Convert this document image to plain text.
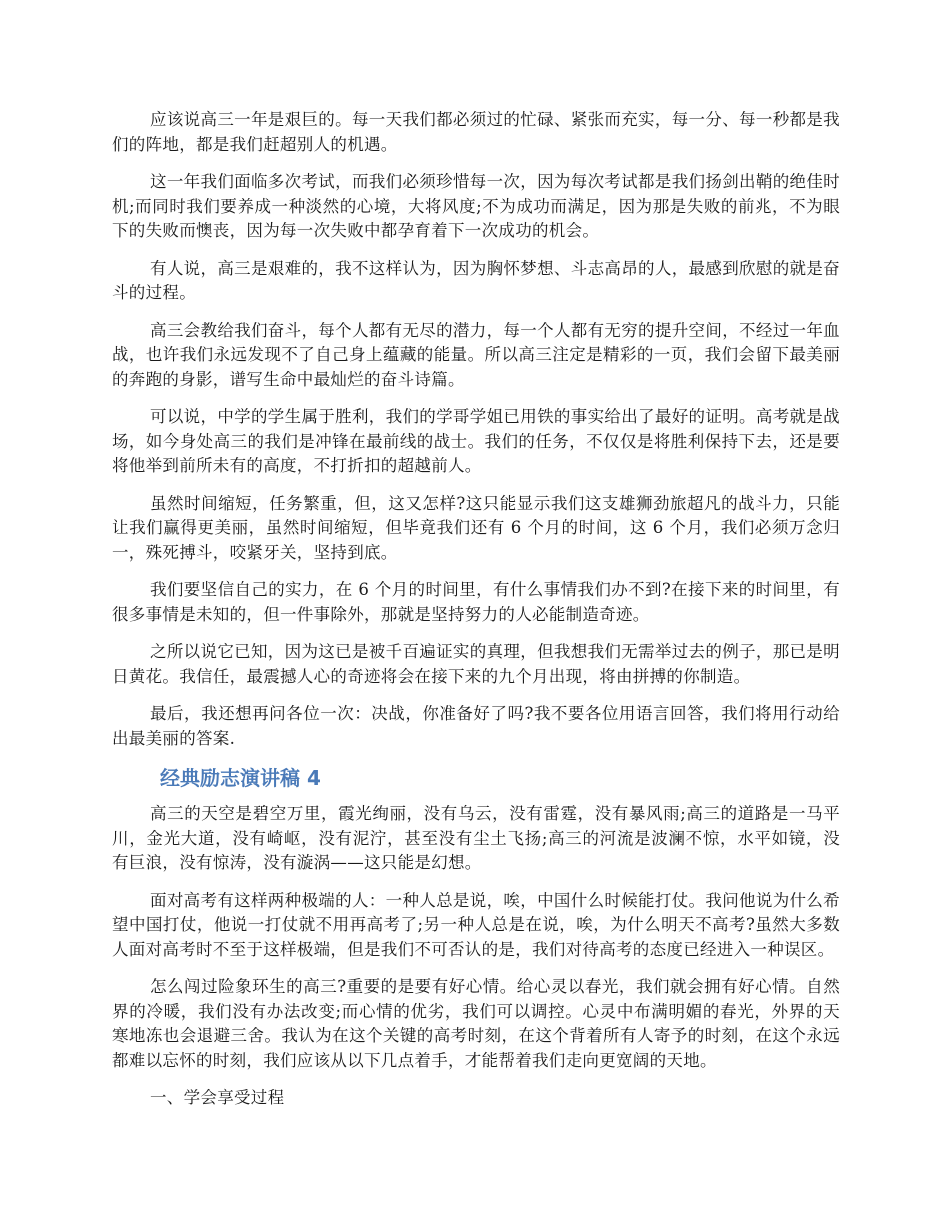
应该说高三一年是艰巨的。每一天我们都必须过的忙碌、紧张而充实，每一分、每一秒都是我们的阵地，都是我们赶超别人的机遇。

这一年我们面临多次考试，而我们必须珍惜每一次，因为每次考试都是我们扬剑出鞘的绝佳时机;而同时我们要养成一种淡然的心境，大将风度;不为成功而满足，因为那是失败的前兆，不为眼下的失败而懊丧，因为每一次失败中都孕育着下一次成功的机会。

有人说，高三是艰难的，我不这样认为，因为胸怀梦想、斗志高昂的人，最感到欣慰的就是奋斗的过程。

高三会教给我们奋斗，每个人都有无尽的潜力，每一个人都有无穷的提升空间，不经过一年血战，也许我们永远发现不了自己身上蕴藏的能量。所以高三注定是精彩的一页，我们会留下最美丽的奔跑的身影，谱写生命中最灿烂的奋斗诗篇。

可以说，中学的学生属于胜利，我们的学哥学姐已用铁的事实给出了最好的证明。高考就是战场，如今身处高三的我们是冲锋在最前线的战士。我们的任务，不仅仅是将胜利保持下去，还是要将他举到前所未有的高度，不打折扣的超越前人。

虽然时间缩短，任务繁重，但，这又怎样?这只能显示我们这支雄狮劲旅超凡的战斗力，只能让我们赢得更美丽，虽然时间缩短，但毕竟我们还有 6 个月的时间，这 6 个月，我们必须万念归一，殊死搏斗，咬紧牙关，坚持到底。

我们要坚信自己的实力，在 6 个月的时间里，有什么事情我们办不到?在接下来的时间里，有很多事情是未知的，但一件事除外，那就是坚持努力的人必能制造奇迹。

之所以说它已知，因为这已是被千百遍证实的真理，但我想我们无需举过去的例子，那已是明日黄花。我信任，最震撼人心的奇迹将会在接下来的九个月出现，将由拼搏的你制造。

最后，我还想再问各位一次：决战，你准备好了吗?我不要各位用语言回答，我们将用行动给出最美丽的答案.

经典励志演讲稿 4

高三的天空是碧空万里，霞光绚丽，没有乌云，没有雷霆，没有暴风雨;高三的道路是一马平川，金光大道，没有崎岖，没有泥泞，甚至没有尘土飞扬;高三的河流是波澜不惊，水平如镜，没有巨浪，没有惊涛，没有漩涡——这只能是幻想。

面对高考有这样两种极端的人：一种人总是说，唉，中国什么时候能打仗。我问他说为什么希望中国打仗，他说一打仗就不用再高考了;另一种人总是在说，唉，为什么明天不高考?虽然大多数人面对高考时不至于这样极端，但是我们不可否认的是，我们对待高考的态度已经进入一种误区。

怎么闯过险象环生的高三?重要的是要有好心情。给心灵以春光，我们就会拥有好心情。自然界的冷暖，我们没有办法改变;而心情的优劣，我们可以调控。心灵中布满明媚的春光，外界的天寒地冻也会退避三舍。我认为在这个关键的高考时刻，在这个背着所有人寄予的时刻，在这个永远都难以忘怀的时刻，我们应该从以下几点着手，才能帮着我们走向更宽阔的天地。

一、学会享受过程
